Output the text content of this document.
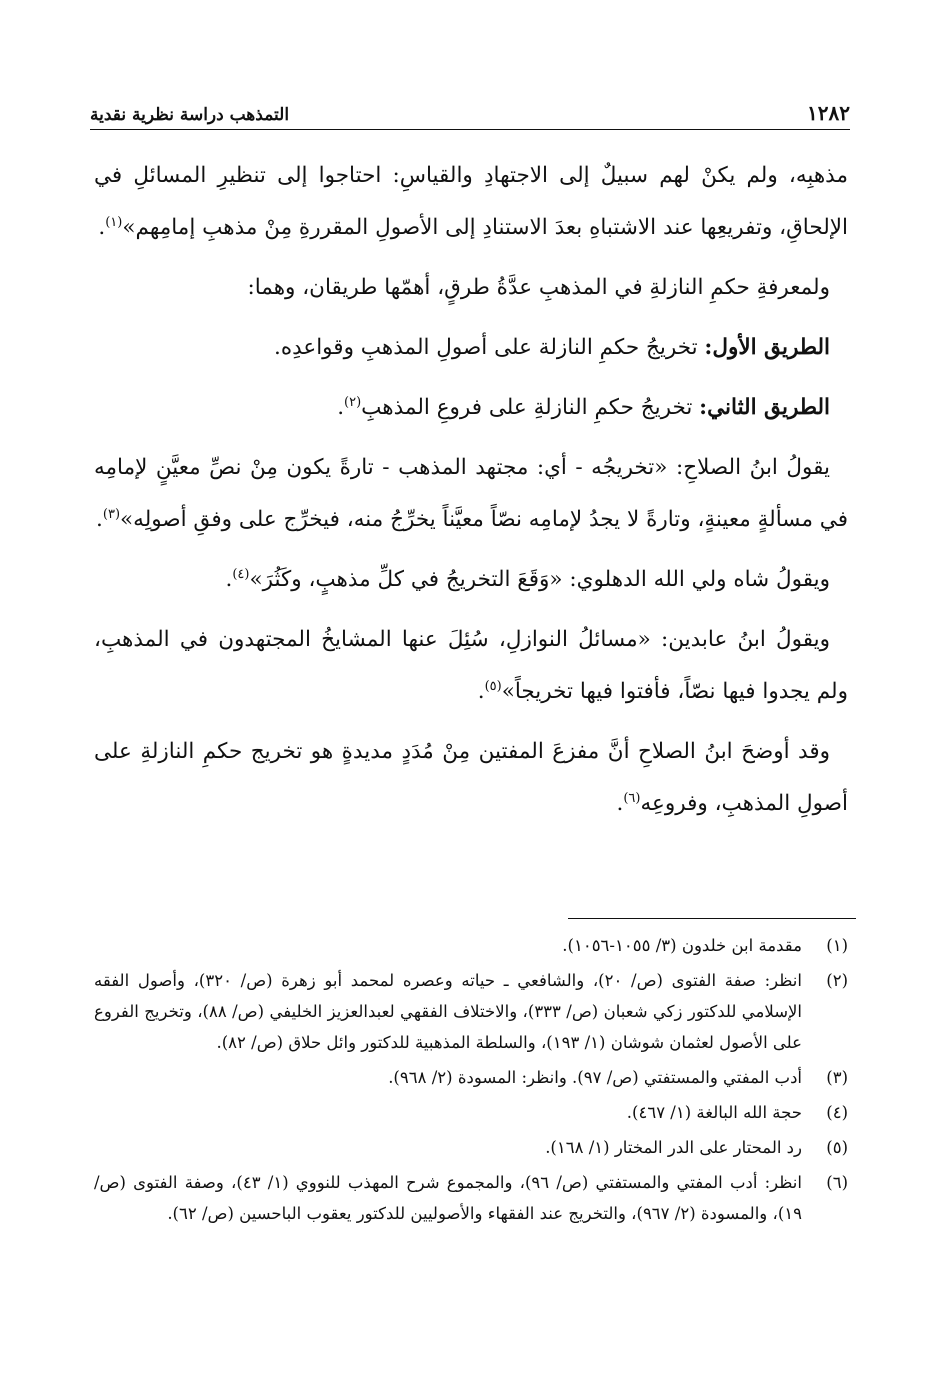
١٢٨٢
التمذهب دراسة نظرية نقدية

مذهبِه، ولم يكنْ لهم سبيلٌ إلى الاجتهادِ والقياسِ: احتاجوا إلى تنظيرِ المسائلِ في الإلحاقِ، وتفريعِها عند الاشتباهِ بعدَ الاستنادِ إلى الأصولِ المقررةِ مِنْ مذهبِ إمامِهم»$^{(١)}$.

ولمعرفةِ حكمِ النازلةِ في المذهبِ عدَّةُ طرقٍ، أهمّها طريقان، وهما:

الطريق الأول: تخريجُ حكمِ النازلة على أصولِ المذهبِ وقواعدِه.

الطريق الثاني: تخريجُ حكمِ النازلةِ على فروعِ المذهبِ$^{(٢)}$.

يقولُ ابنُ الصلاحِ: «تخريجُه - أي: مجتهد المذهب - تارةً يكون مِنْ نصِّ معيَّنٍ لإمامِه في مسألةٍ معينةٍ، وتارةً لا يجدُ لإمامِه نصّاً معيَّناً يخرِّجُ منه، فيخرِّج على وفقِ أصولِه»$^{(٣)}$.

ويقولُ شاه ولي الله الدهلوي: «وَقَعَ التخريجُ في كلِّ مذهبٍ، وكَثُرَ»$^{(٤)}$.

ويقولُ ابنُ عابدين: «مسائلُ النوازلِ، سُئِلَ عنها المشايخُ المجتهدون في المذهبِ، ولم يجدوا فيها نصّاً، فأفتوا فيها تخريجاً»$^{(٥)}$.

وقد أوضحَ ابنُ الصلاحِ أنَّ مفزعَ المفتين مِنْ مُدَدٍ مديدةٍ هو تخريج حكمِ النازلةِ على أصولِ المذهبِ، وفروعِه$^{(٦)}$.

(١)
مقدمة ابن خلدون (٣/ ١٠٥٥-١٠٥٦).
(٢)
انظر: صفة الفتوى (ص/ ٢٠)، والشافعي ـ حياته وعصره لمحمد أبو زهرة (ص/ ٣٢٠)، وأصول الفقه الإسلامي للدكتور زكي شعبان (ص/ ٣٣٣)، والاختلاف الفقهي لعبدالعزيز الخليفي (ص/ ٨٨)، وتخريج الفروع على الأصول لعثمان شوشان (١/ ١٩٣)، والسلطة المذهبية للدكتور وائل حلاق (ص/ ٨٢).
(٣)
أدب المفتي والمستفتي (ص/ ٩٧). وانظر: المسودة (٢/ ٩٦٨).
(٤)
حجة الله البالغة (١/ ٤٦٧).
(٥)
رد المحتار على الدر المختار (١/ ١٦٨).
(٦)
انظر: أدب المفتي والمستفتي (ص/ ٩٦)، والمجموع شرح المهذب للنووي (١/ ٤٣)، وصفة الفتوى (ص/ ١٩)، والمسودة (٢/ ٩٦٧)، والتخريج عند الفقهاء والأصوليين للدكتور يعقوب الباحسين (ص/ ٦٢).
